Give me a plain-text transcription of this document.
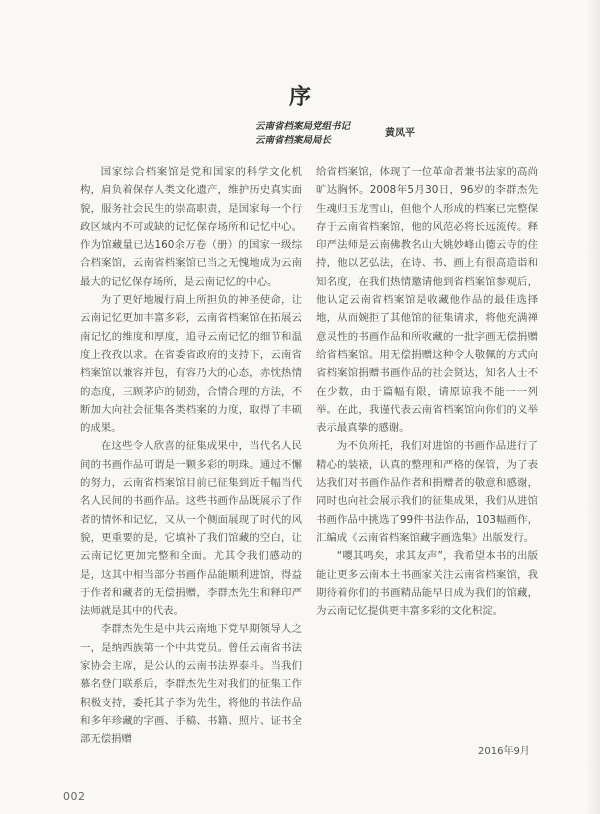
序
云南省档案局党组书记
云南省档案局局长
黄凤平

国家综合档案馆是党和国家的科学文化机构，肩负着保存人类文化遗产，维护历史真实面貌，服务社会民生的崇高职责，是国家每一个行政区域内不可或缺的记忆保存场所和记忆中心。作为馆藏量已达160余万卷（册）的国家一级综合档案馆，云南省档案馆已当之无愧地成为云南最大的记忆保存场所，是云南记忆的中心。

为了更好地履行肩上所担负的神圣使命，让云南记忆更加丰富多彩，云南省档案馆在拓展云南记忆的维度和厚度，追寻云南记忆的细节和温度上孜孜以求。在省委省政府的支持下，云南省档案馆以兼容并包，有容乃大的心态，赤忱热情的态度，三顾茅庐的韧劲，合情合理的方法，不断加大向社会征集各类档案的力度，取得了丰硕的成果。

在这些令人欣喜的征集成果中，当代名人民间的书画作品可谓是一颗多彩的明珠。通过不懈的努力，云南省档案馆目前已征集到近千幅当代名人民间的书画作品。这些书画作品既展示了作者的情怀和记忆，又从一个侧面展现了时代的风貌，更重要的是，它填补了我们馆藏的空白，让云南记忆更加完整和全面。尤其令我们感动的是，这其中相当部分书画作品能顺利进馆，得益于作者和藏者的无偿捐赠，李群杰先生和释印严法师就是其中的代表。

李群杰先生是中共云南地下党早期领导人之一，是纳西族第一个中共党员。曾任云南省书法家协会主席，是公认的云南书法界泰斗。当我们慕名登门联系后，李群杰先生对我们的征集工作积极支持，委托其子李为先生，将他的书法作品和多年珍藏的字画、手稿、书籍、照片、证书全部无偿捐赠

给省档案馆，体现了一位革命者兼书法家的高尚旷达胸怀。2008年5月30日，96岁的李群杰先生魂归玉龙雪山，但他个人形成的档案已完整保存于云南省档案馆，他的风范必将长远流传。释印严法师是云南佛教名山大姚妙峰山德云寺的住持，他以艺弘法，在诗、书、画上有很高造诣和知名度，在我们热情邀请他到省档案馆参观后，他认定云南省档案馆是收藏他作品的最佳选择地，从而婉拒了其他馆的征集请求，将他充满禅意灵性的书画作品和所收藏的一批字画无偿捐赠给省档案馆。用无偿捐赠这种令人敬佩的方式向省档案馆捐赠书画作品的社会贤达，知名人士不在少数，由于篇幅有限，请原谅我不能一一列举。在此，我谨代表云南省档案馆向你们的义举表示最真挚的感谢。

为不负所托，我们对进馆的书画作品进行了精心的装裱，认真的整理和严格的保管，为了表达我们对书画作品作者和捐赠者的敬意和感谢，同时也向社会展示我们的征集成果，我们从进馆书画作品中挑选了99件书法作品，103幅画作，汇编成《云南省档案馆藏字画选集》出版发行。

“嘤其鸣矣，求其友声”，我希望本书的出版能让更多云南本土书画家关注云南省档案馆，我期待着你们的书画精品能早日成为我们的馆藏，为云南记忆提供更丰富多彩的文化积淀。

2016年9月
002
